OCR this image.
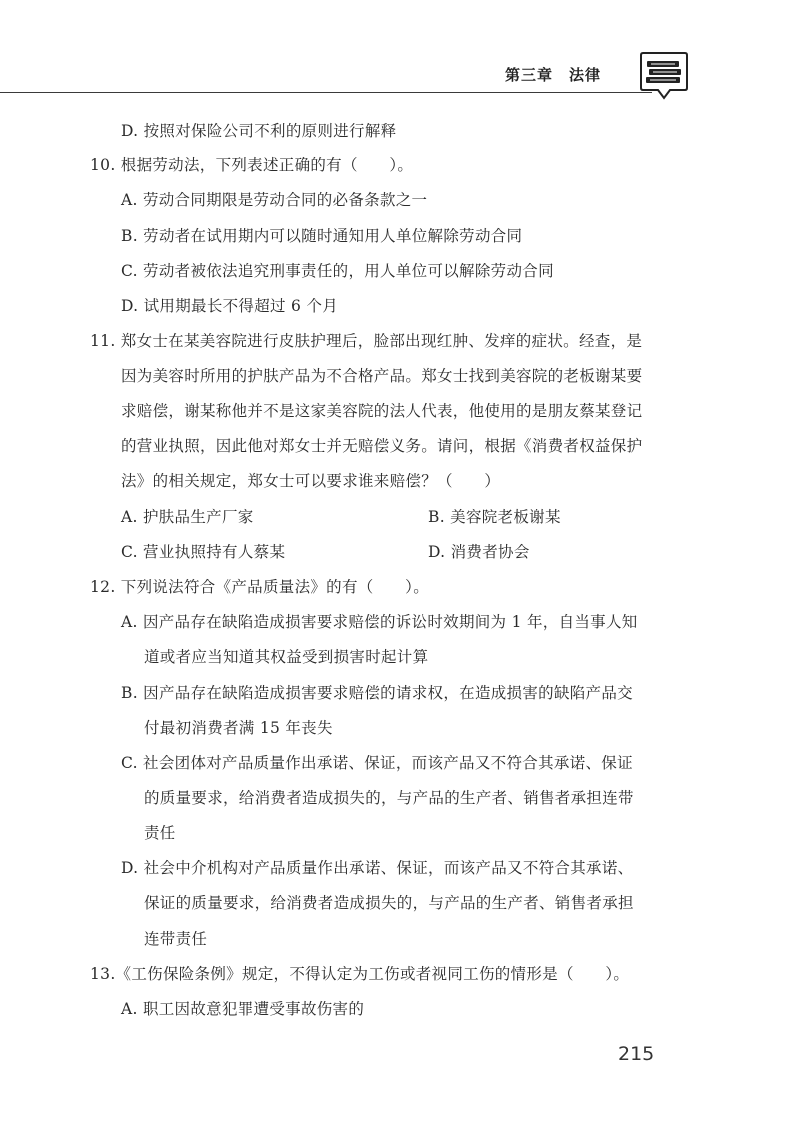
第三章　法律
D. 按照对保险公司不利的原则进行解释
10. 根据劳动法，下列表述正确的有（　　）。
A. 劳动合同期限是劳动合同的必备条款之一
B. 劳动者在试用期内可以随时通知用人单位解除劳动合同
C. 劳动者被依法追究刑事责任的，用人单位可以解除劳动合同
D. 试用期最长不得超过 6 个月
11. 郑女士在某美容院进行皮肤护理后，脸部出现红肿、发痒的症状。经查，是
因为美容时所用的护肤产品为不合格产品。郑女士找到美容院的老板谢某要
求赔偿，谢某称他并不是这家美容院的法人代表，他使用的是朋友蔡某登记
的营业执照，因此他对郑女士并无赔偿义务。请问，根据《消费者权益保护
法》的相关规定，郑女士可以要求谁来赔偿？（　　）
A. 护肤品生产厂家	B. 美容院老板谢某
C. 营业执照持有人蔡某	D. 消费者协会
12. 下列说法符合《产品质量法》的有（　　）。
A. 因产品存在缺陷造成损害要求赔偿的诉讼时效期间为 1 年，自当事人知
道或者应当知道其权益受到损害时起计算
B. 因产品存在缺陷造成损害要求赔偿的请求权，在造成损害的缺陷产品交
付最初消费者满 15 年丧失
C. 社会团体对产品质量作出承诺、保证，而该产品又不符合其承诺、保证
的质量要求，给消费者造成损失的，与产品的生产者、销售者承担连带
责任
D. 社会中介机构对产品质量作出承诺、保证，而该产品又不符合其承诺、
保证的质量要求，给消费者造成损失的，与产品的生产者、销售者承担
连带责任
13.《工伤保险条例》规定，不得认定为工伤或者视同工伤的情形是（　　）。
A. 职工因故意犯罪遭受事故伤害的
215
